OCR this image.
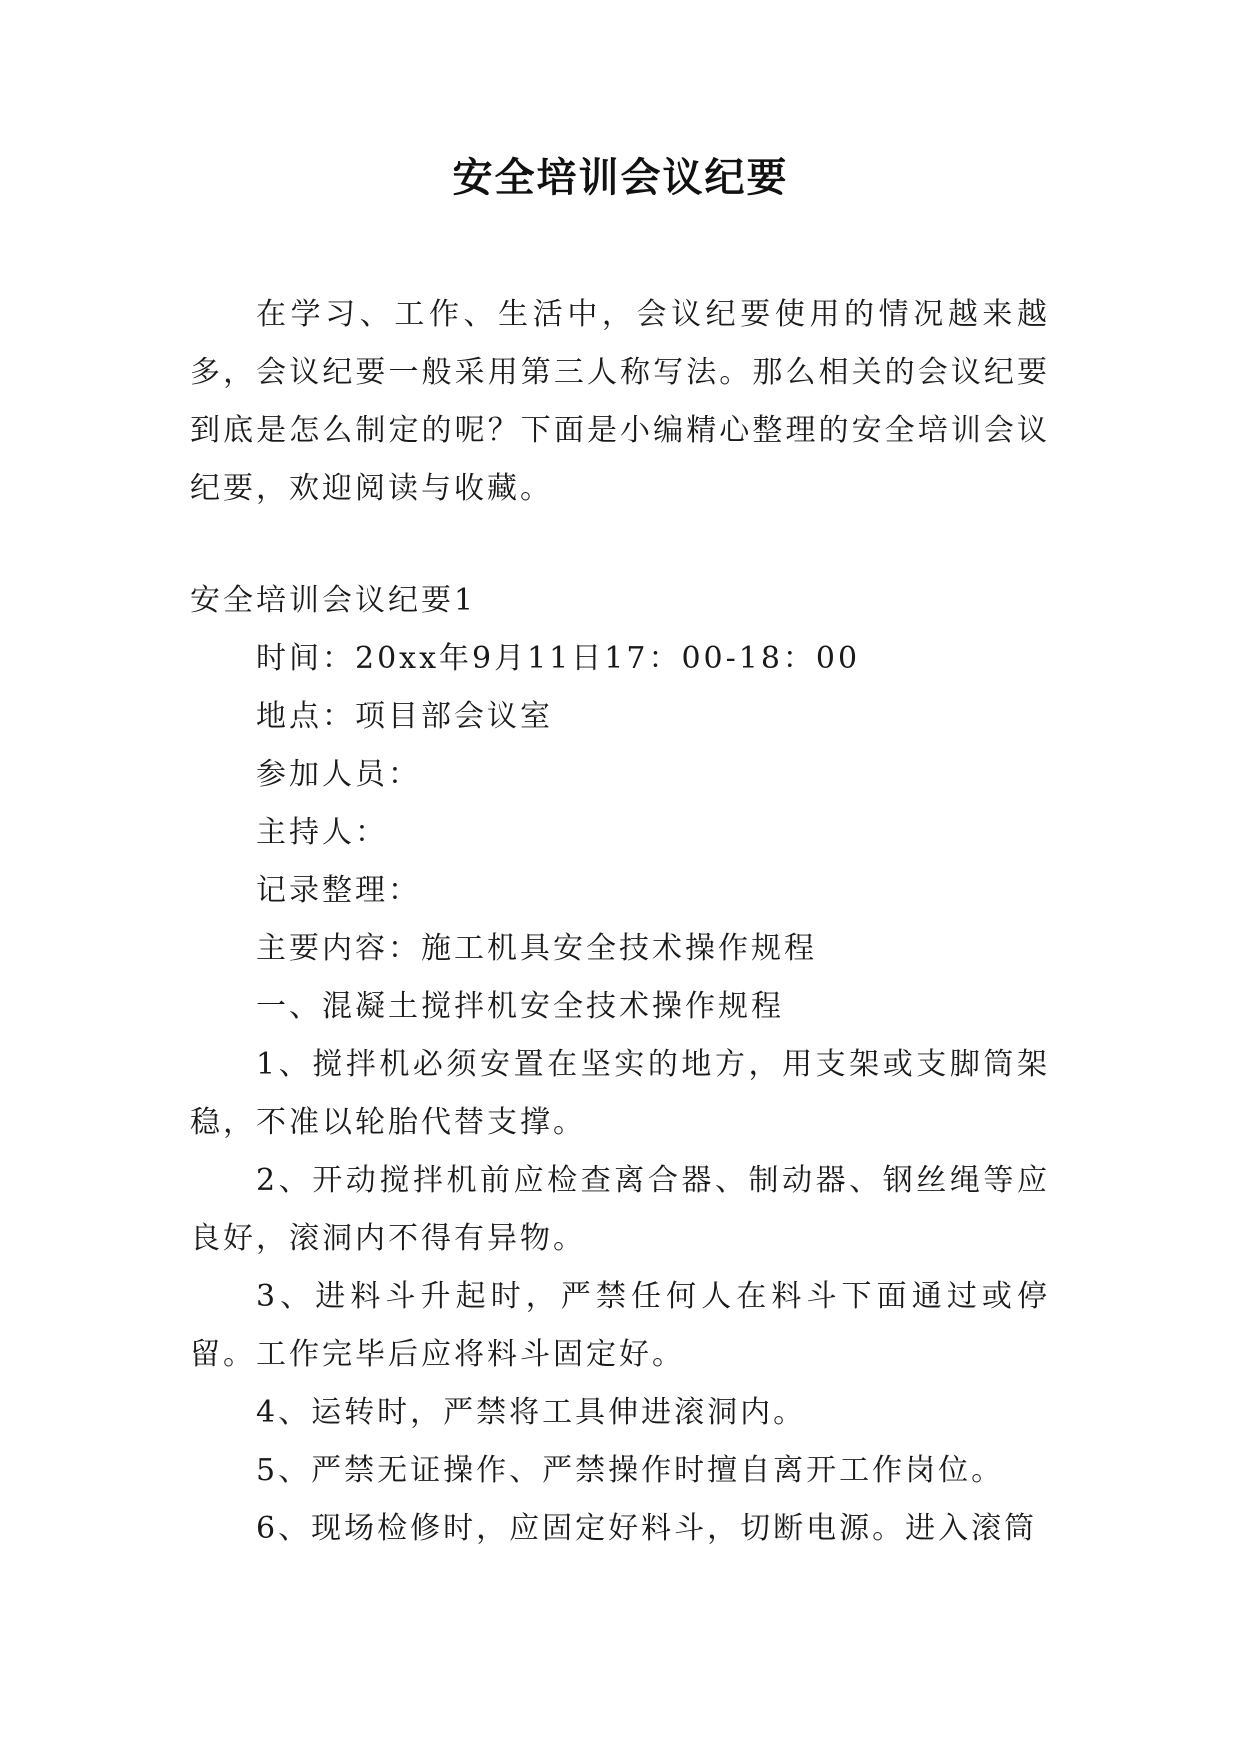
安全培训会议纪要

在学习、工作、生活中，会议纪要使用的情况越来越多，会议纪要一般采用第三人称写法。那么相关的会议纪要到底是怎么制定的呢？下面是小编精心整理的安全培训会议纪要，欢迎阅读与收藏。

安全培训会议纪要1

时间：20xx年9月11日17：00-18：00

地点：项目部会议室

参加人员：

主持人：

记录整理：

主要内容：施工机具安全技术操作规程

一、混凝土搅拌机安全技术操作规程

1、搅拌机必须安置在坚实的地方，用支架或支脚筒架稳，不准以轮胎代替支撑。

2、开动搅拌机前应检查离合器、制动器、钢丝绳等应良好，滚洞内不得有异物。

3、进料斗升起时，严禁任何人在料斗下面通过或停留。工作完毕后应将料斗固定好。

4、运转时，严禁将工具伸进滚洞内。

5、严禁无证操作、严禁操作时擅自离开工作岗位。

6、现场检修时，应固定好料斗，切断电源。进入滚筒
